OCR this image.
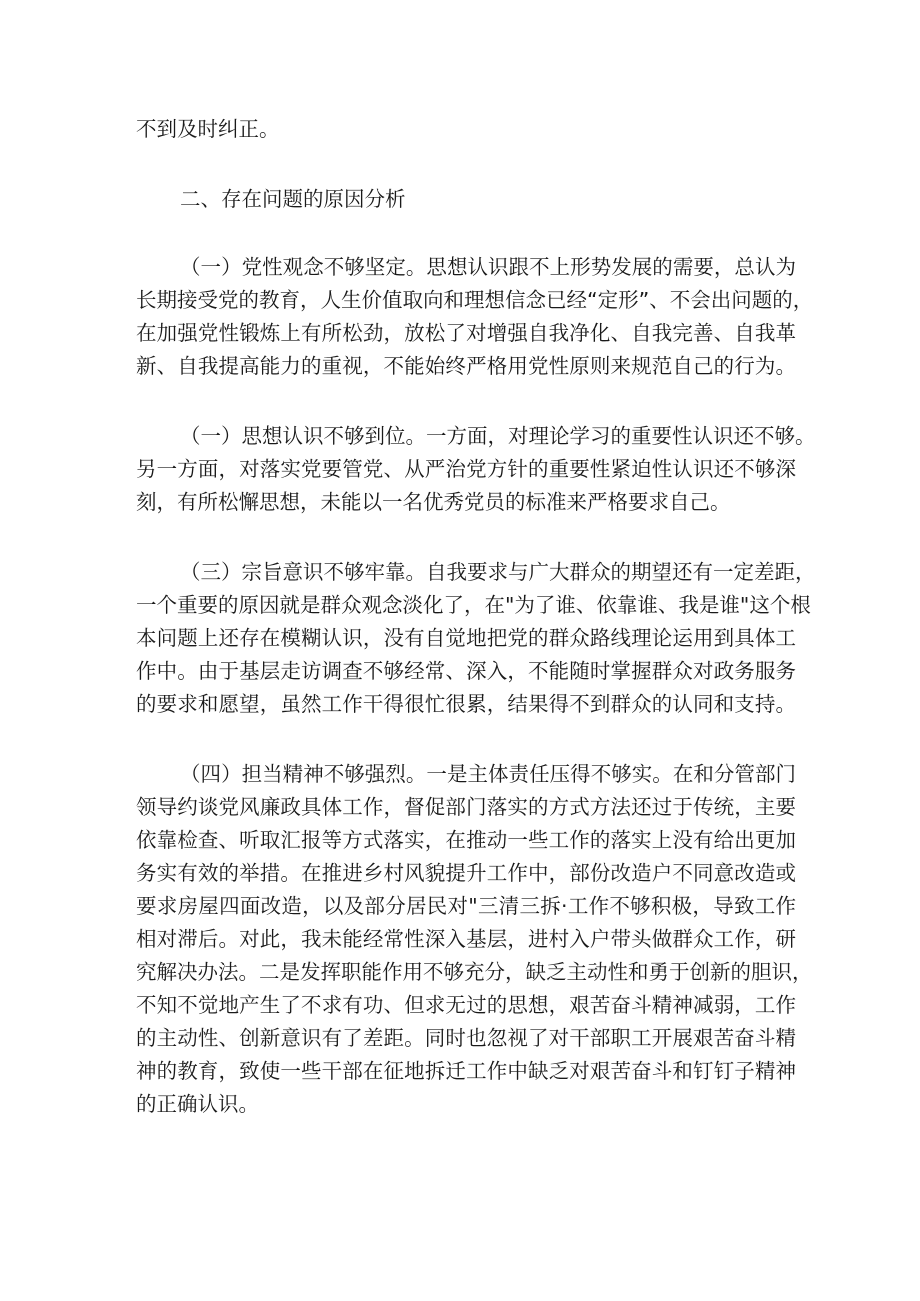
不到及时纠正。
二、存在问题的原因分析
（一）党性观念不够坚定。思想认识跟不上形势发展的需要，总认为
长期接受党的教育，人生价值取向和理想信念已经“定形”、不会出问题的，
在加强党性锻炼上有所松劲，放松了对增强自我净化、自我完善、自我革
新、自我提高能力的重视，不能始终严格用党性原则来规范自己的行为。
（一）思想认识不够到位。一方面，对理论学习的重要性认识还不够。
另一方面，对落实党要管党、从严治党方针的重要性紧迫性认识还不够深
刻，有所松懈思想，未能以一名优秀党员的标准来严格要求自己。
（三）宗旨意识不够牢靠。自我要求与广大群众的期望还有一定差距，
一个重要的原因就是群众观念淡化了，在"为了谁、依靠谁、我是谁"这个根
本问题上还存在模糊认识，没有自觉地把党的群众路线理论运用到具体工
作中。由于基层走访调查不够经常、深入，不能随时掌握群众对政务服务
的要求和愿望，虽然工作干得很忙很累，结果得不到群众的认同和支持。
（四）担当精神不够强烈。一是主体责任压得不够实。在和分管部门
领导约谈党风廉政具体工作，督促部门落实的方式方法还过于传统，主要
依靠检查、听取汇报等方式落实，在推动一些工作的落实上没有给出更加
务实有效的举措。在推进乡村风貌提升工作中，部份改造户不同意改造或
要求房屋四面改造，以及部分居民对"三清三拆·工作不够积极，导致工作
相对滞后。对此，我未能经常性深入基层，进村入户带头做群众工作，研
究解决办法。二是发挥职能作用不够充分，缺乏主动性和勇于创新的胆识，
不知不觉地产生了不求有功、但求无过的思想，艰苦奋斗精神减弱，工作
的主动性、创新意识有了差距。同时也忽视了对干部职工开展艰苦奋斗精
神的教育，致使一些干部在征地拆迁工作中缺乏对艰苦奋斗和钉钉子精神
的正确认识。
